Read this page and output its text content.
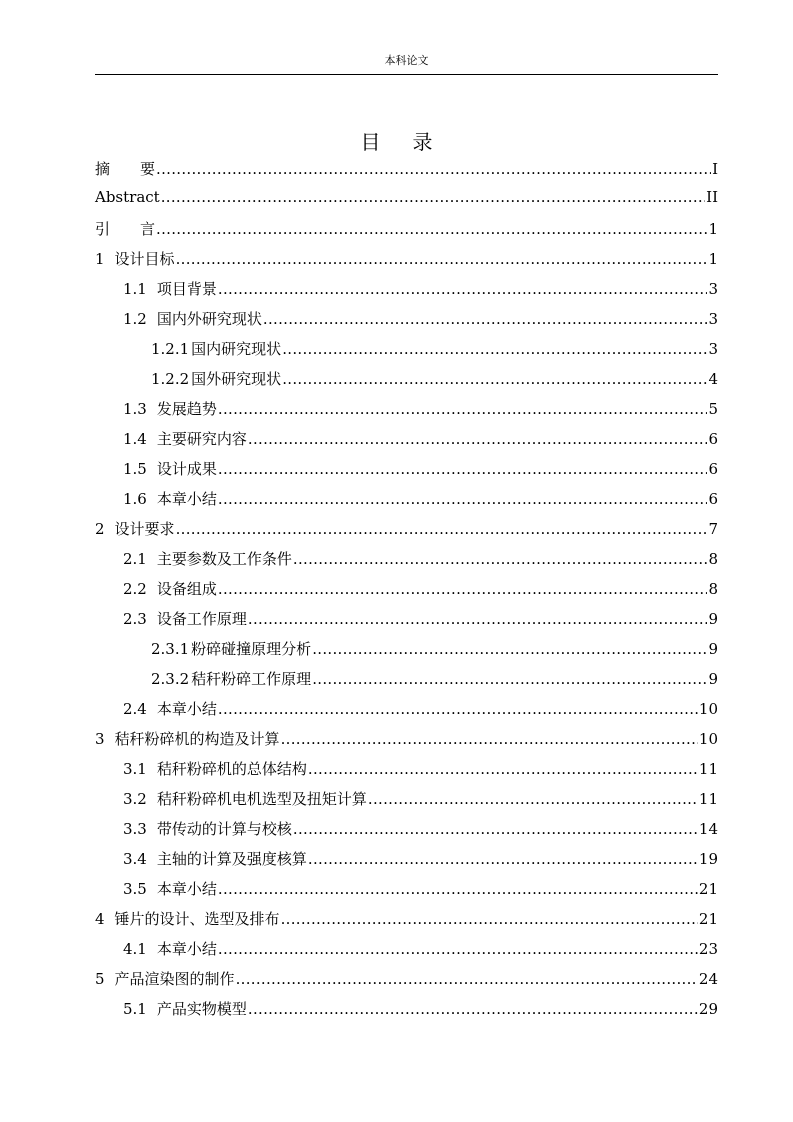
本科论文
目录
摘　　要 .....	I
Abstract .....	II
引　　言 .....	1
1 设计目标 .....	1
1.1 项目背景 .....	3
1.2 国内外研究现状 .....	3
1.2.1 国内研究现状 .....	3
1.2.2 国外研究现状 .....	4
1.3 发展趋势 .....	5
1.4 主要研究内容 .....	6
1.5 设计成果 .....	6
1.6 本章小结 .....	6
2 设计要求 .....	7
2.1 主要参数及工作条件 .....	8
2.2 设备组成 .....	8
2.3 设备工作原理 .....	9
2.3.1 粉碎碰撞原理分析 .....	9
2.3.2 秸秆粉碎工作原理 .....	9
2.4 本章小结 .....	10
3 秸秆粉碎机的构造及计算 .....	10
3.1 秸秆粉碎机的总体结构 .....	11
3.2 秸秆粉碎机电机选型及扭矩计算 .....	11
3.3 带传动的计算与校核 .....	14
3.4 主轴的计算及强度核算 .....	19
3.5 本章小结 .....	21
4 锤片的设计、选型及排布 .....	21
4.1 本章小结 .....	23
5 产品渲染图的制作 .....	24
5.1 产品实物模型 .....	29
